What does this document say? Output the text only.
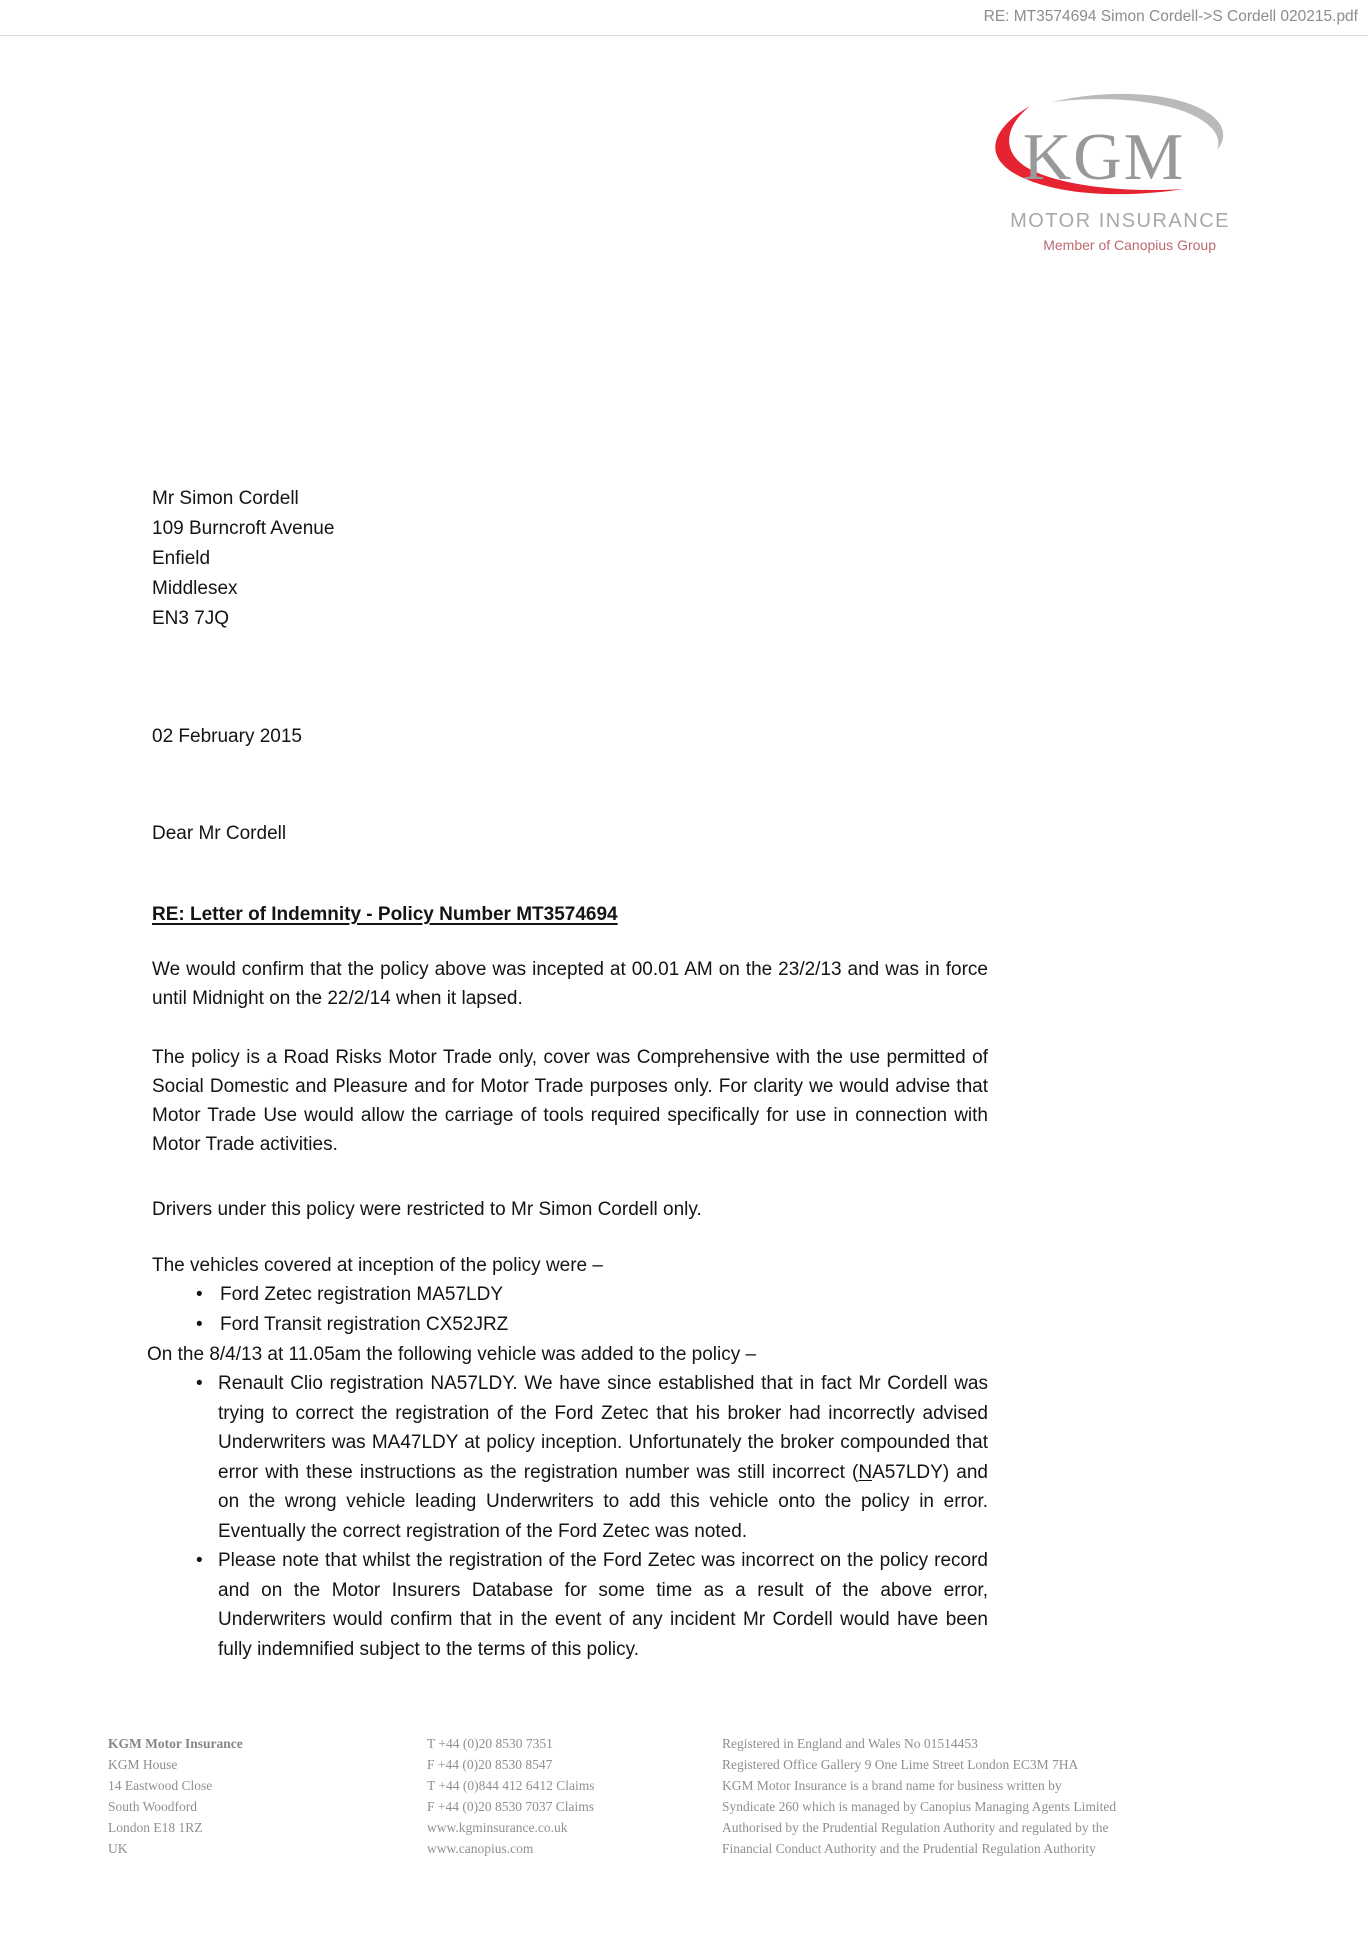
RE: MT3574694 Simon Cordell->S Cordell 020215.pdf
KGM
MOTOR INSURANCE
Member of Canopius Group
Mr Simon Cordell
109 Burncroft Avenue
Enfield
Middlesex
EN3 7JQ
02 February 2015
Dear Mr Cordell
RE: Letter of Indemnity - Policy Number MT3574694
We would confirm that the policy above was incepted at 00.01 AM on the 23/2/13 and was in force until Midnight on the 22/2/14 when it lapsed.
The policy is a Road Risks Motor Trade only, cover was Comprehensive with the use permitted of Social Domestic and Pleasure and for Motor Trade purposes only. For clarity we would advise that Motor Trade Use would allow the carriage of tools required specifically for use in connection with Motor Trade activities.
Drivers under this policy were restricted to Mr Simon Cordell only.
The vehicles covered at inception of the policy were –
• Ford Zetec registration MA57LDY
• Ford Transit registration CX52JRZ
On the 8/4/13 at 11.05am the following vehicle was added to the policy –
• Renault Clio registration NA57LDY. We have since established that in fact Mr Cordell was trying to correct the registration of the Ford Zetec that his broker had incorrectly advised Underwriters was MA47LDY at policy inception. Unfortunately the broker compounded that error with these instructions as the registration number was still incorrect (NA57LDY) and on the wrong vehicle leading Underwriters to add this vehicle onto the policy in error. Eventually the correct registration of the Ford Zetec was noted.
• Please note that whilst the registration of the Ford Zetec was incorrect on the policy record and on the Motor Insurers Database for some time as a result of the above error, Underwriters would confirm that in the event of any incident Mr Cordell would have been fully indemnified subject to the terms of this policy.
KGM Motor Insurance
KGM House
14 Eastwood Close
South Woodford
London E18 1RZ
UK
T +44 (0)20 8530 7351
F +44 (0)20 8530 8547
T +44 (0)844 412 6412 Claims
F +44 (0)20 8530 7037 Claims
www.kgminsurance.co.uk
www.canopius.com
Registered in England and Wales No 01514453
Registered Office Gallery 9 One Lime Street London EC3M 7HA
KGM Motor Insurance is a brand name for business written by
Syndicate 260 which is managed by Canopius Managing Agents Limited
Authorised by the Prudential Regulation Authority and regulated by the
Financial Conduct Authority and the Prudential Regulation Authority
